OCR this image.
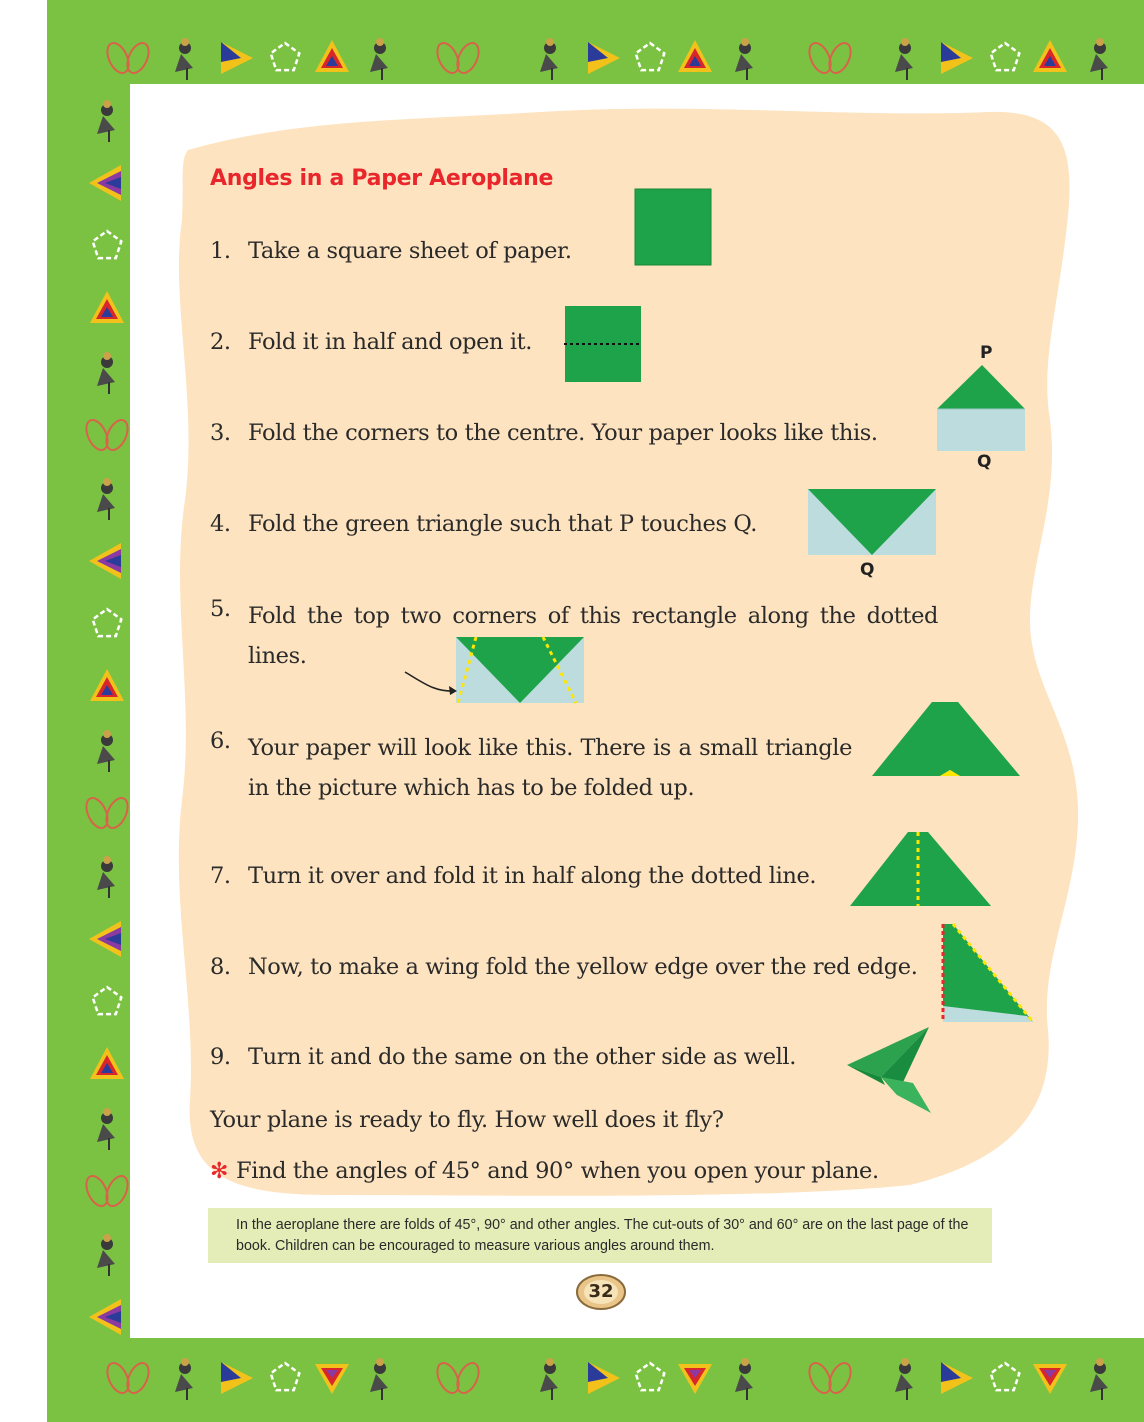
Angles in a Paper Aeroplane
1. Take a square sheet of paper.
2. Fold it in half and open it.
3. Fold the corners to the centre. Your paper looks like this.
4. Fold the green triangle such that P touches Q.
5. Fold the top two corners of this rectangle along the dotted lines.
6. Your paper will look like this. There is a small triangle in the picture which has to be folded up.
7. Turn it over and fold it in half along the dotted line.
8. Now, to make a wing fold the yellow edge over the red edge.
9. Turn it and do the same on the other side as well.
Your plane is ready to fly. How well does it fly?
✻ Find the angles of 45° and 90° when you open your plane.
P
Q
Q
In the aeroplane there are folds of 45°, 90° and other angles. The cut-outs of 30° and 60° are on the last page of the book. Children can be encouraged to measure various angles around them.
32
